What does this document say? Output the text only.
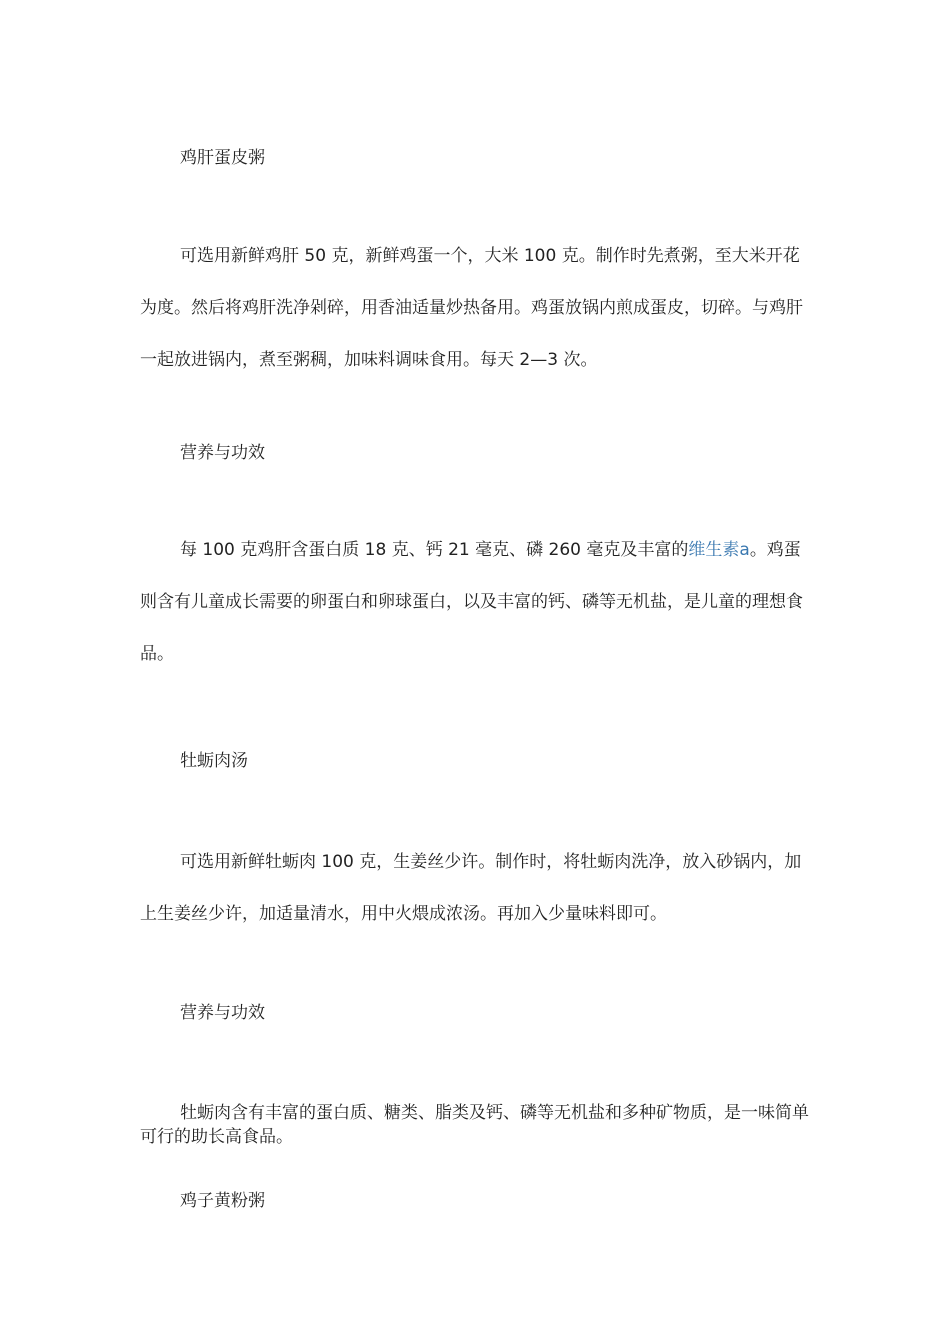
鸡肝蛋皮粥

可选用新鲜鸡肝 50 克，新鲜鸡蛋一个，大米 100 克。制作时先煮粥，至大米开花为度。然后将鸡肝洗净剁碎，用香油适量炒热备用。鸡蛋放锅内煎成蛋皮，切碎。与鸡肝一起放进锅内，煮至粥稠，加味料调味食用。每天 2—3 次。

营养与功效

每 100 克鸡肝含蛋白质 18 克、钙 21 毫克、磷 260 毫克及丰富的维生素a。鸡蛋则含有儿童成长需要的卵蛋白和卵球蛋白，以及丰富的钙、磷等无机盐，是儿童的理想食品。

牡蛎肉汤

可选用新鲜牡蛎肉 100 克，生姜丝少许。制作时，将牡蛎肉洗净，放入砂锅内，加上生姜丝少许，加适量清水，用中火煨成浓汤。再加入少量味料即可。

营养与功效

牡蛎肉含有丰富的蛋白质、糖类、脂类及钙、磷等无机盐和多种矿物质，是一味简单可行的助长高食品。

鸡子黄粉粥
